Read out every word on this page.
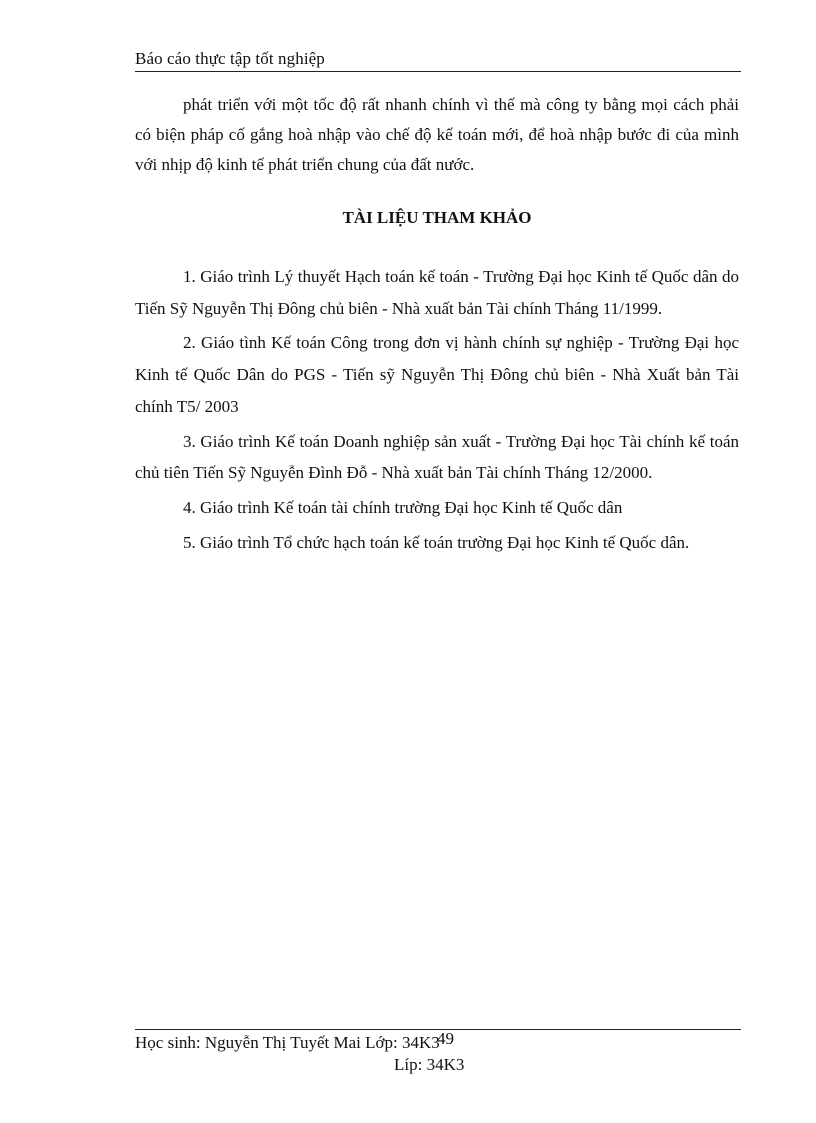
Báo cáo thực tập tốt nghiệp

phát triển với một tốc độ rất nhanh chính vì thế mà công ty bằng mọi cách phải có biện pháp cố gắng hoà nhập vào chế độ kế toán mới, để hoà nhập bước đi của mình với nhịp độ kinh tế phát triển chung của đất nước.

TÀI LIỆU THAM KHẢO

1. Giáo trình Lý thuyết Hạch toán kế toán - Trường Đại học Kinh tế Quốc dân do Tiến Sỹ Nguyễn Thị Đông chủ biên - Nhà xuất bản Tài chính Tháng 11/1999.

2. Giáo tình Kế toán Công trong đơn vị hành chính sự nghiệp - Trường Đại học Kinh tế Quốc Dân do PGS - Tiến sỹ Nguyễn Thị Đông chủ biên - Nhà Xuất bản Tài chính T5/ 2003

3. Giáo trình Kế toán Doanh nghiệp sản xuất - Trường Đại học Tài chính kế toán chủ tiên Tiến Sỹ Nguyễn Đình Đỗ - Nhà xuất bản Tài chính Tháng 12/2000.

4. Giáo trình Kế toán tài chính trường Đại học Kinh tế Quốc dân

5. Giáo trình Tổ chức hạch toán kế toán trường Đại học Kinh tế Quốc dân.

Học sinh: Nguyễn Thị Tuyết Mai Lớp: 34K3
49
Líp: 34K3
